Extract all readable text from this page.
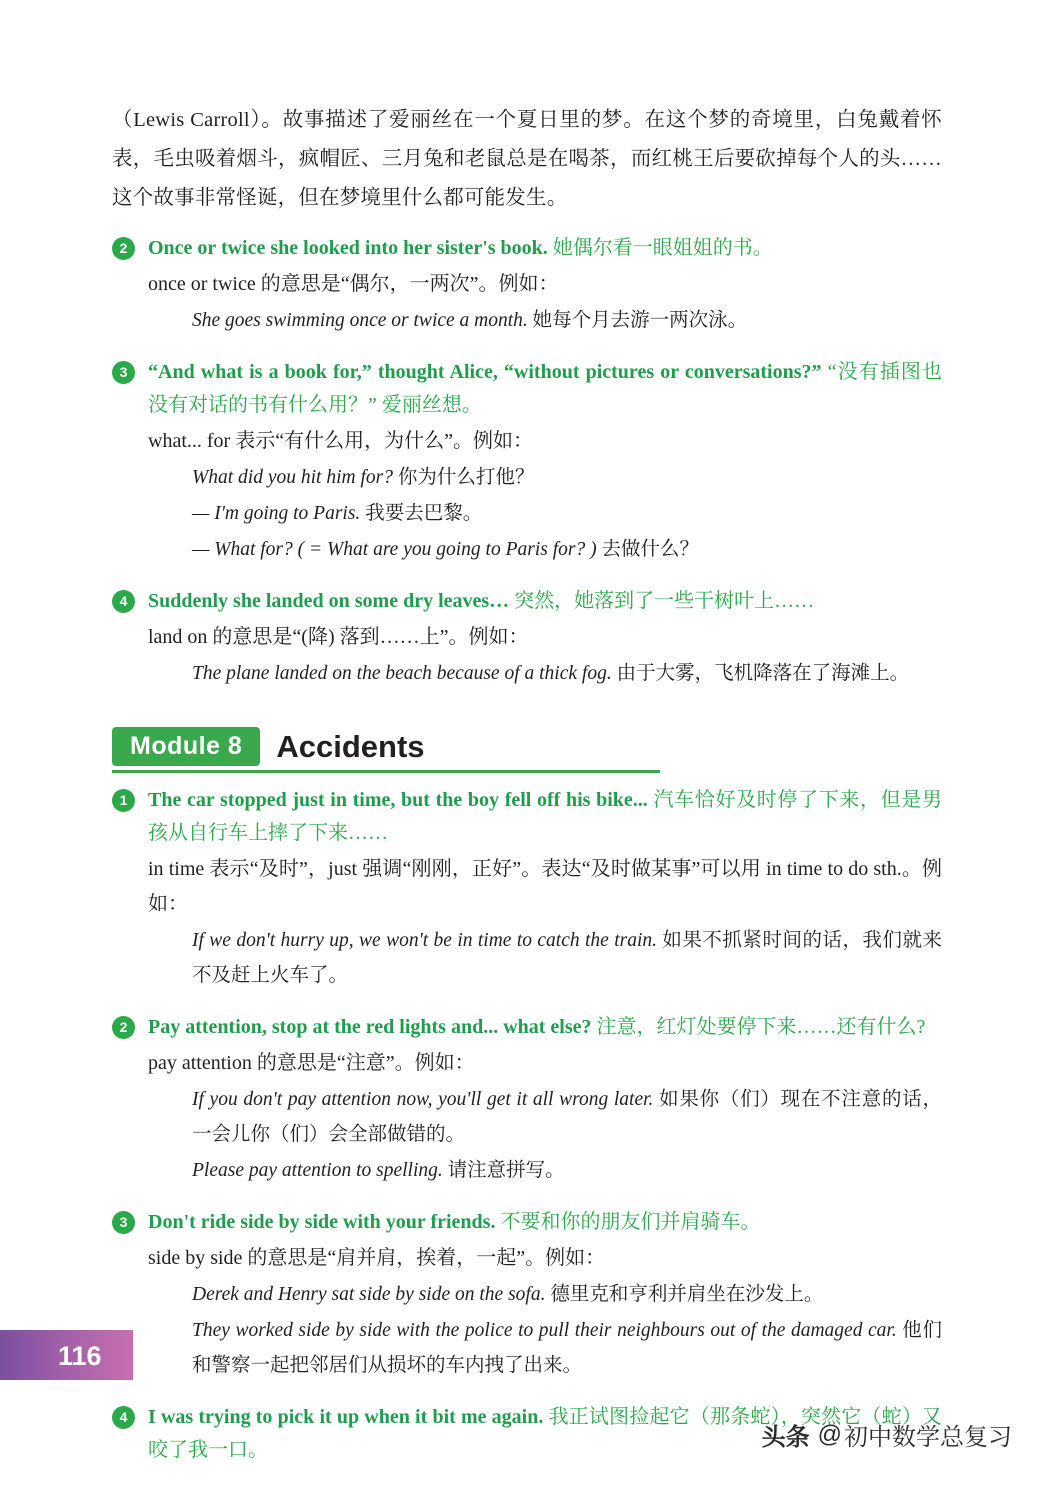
（Lewis Carroll）。故事描述了爱丽丝在一个夏日里的梦。在这个梦的奇境里，白兔戴着怀表，毛虫吸着烟斗，疯帽匠、三月兔和老鼠总是在喝茶，而红桃王后要砍掉每个人的头…… 这个故事非常怪诞，但在梦境里什么都可能发生。

2	Once or twice she looked into her sister's book. 她偶尔看一眼姐姐的书。
once or twice 的意思是“偶尔，一两次”。例如：
She goes swimming once or twice a month. 她每个月去游一两次泳。
3	“And what is a book for,” thought Alice, “without pictures or conversations?” “没有插图也没有对话的书有什么用？” 爱丽丝想。
what... for 表示“有什么用，为什么”。例如：
What did you hit him for? 你为什么打他？
— I'm going to Paris. 我要去巴黎。
— What for? ( = What are you going to Paris for? ) 去做什么？
4	Suddenly she landed on some dry leaves… 突然，她落到了一些干树叶上……
land on 的意思是“(降) 落到……上”。例如：
The plane landed on the beach because of a thick fog. 由于大雾，飞机降落在了海滩上。
Module 8	Accidents
1	The car stopped just in time, but the boy fell off his bike... 汽车恰好及时停了下来，但是男孩从自行车上摔了下来……
in time 表示“及时”，just 强调“刚刚，正好”。表达“及时做某事”可以用 in time to do sth.。例如：
If we don't hurry up, we won't be in time to catch the train. 如果不抓紧时间的话，我们就来不及赶上火车了。
2	Pay attention, stop at the red lights and... what else? 注意，红灯处要停下来……还有什么?
pay attention 的意思是“注意”。例如：
If you don't pay attention now, you'll get it all wrong later. 如果你（们）现在不注意的话，一会儿你（们）会全部做错的。
Please pay attention to spelling. 请注意拼写。
3	Don't ride side by side with your friends. 不要和你的朋友们并肩骑车。
side by side 的意思是“肩并肩，挨着，一起”。例如：
Derek and Henry sat side by side on the sofa. 德里克和亨利并肩坐在沙发上。
They worked side by side with the police to pull their neighbours out of the damaged car. 他们和警察一起把邻居们从损坏的车内拽了出来。
4	I was trying to pick it up when it bit me again. 我正试图捡起它（那条蛇），突然它（蛇）又咬了我一口。
116
头条 @ 初中数学总复习
